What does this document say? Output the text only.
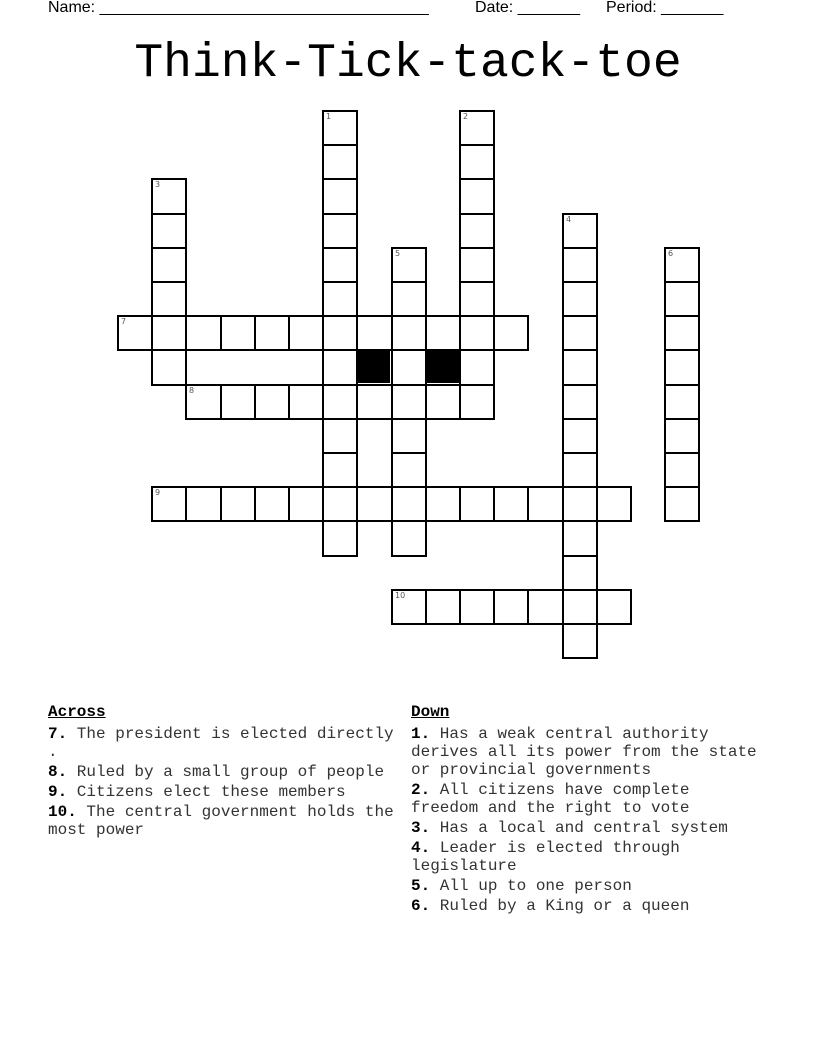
Name: _____________________________________	Date: _______ Period: _______
Think-Tick-tack-toe
1	2
3
4
5	6
7
8
9
10
Across
7. The president is elected directly .
8. Ruled by a small group of people
9. Citizens elect these members
10. The central government holds the most power
Down
1. Has a weak central authority derives all its power from the state or provincial governments
2. All citizens have complete freedom and the right to vote
3. Has a local and central system
4. Leader is elected through legislature
5. All up to one person
6. Ruled by a King or a queen
